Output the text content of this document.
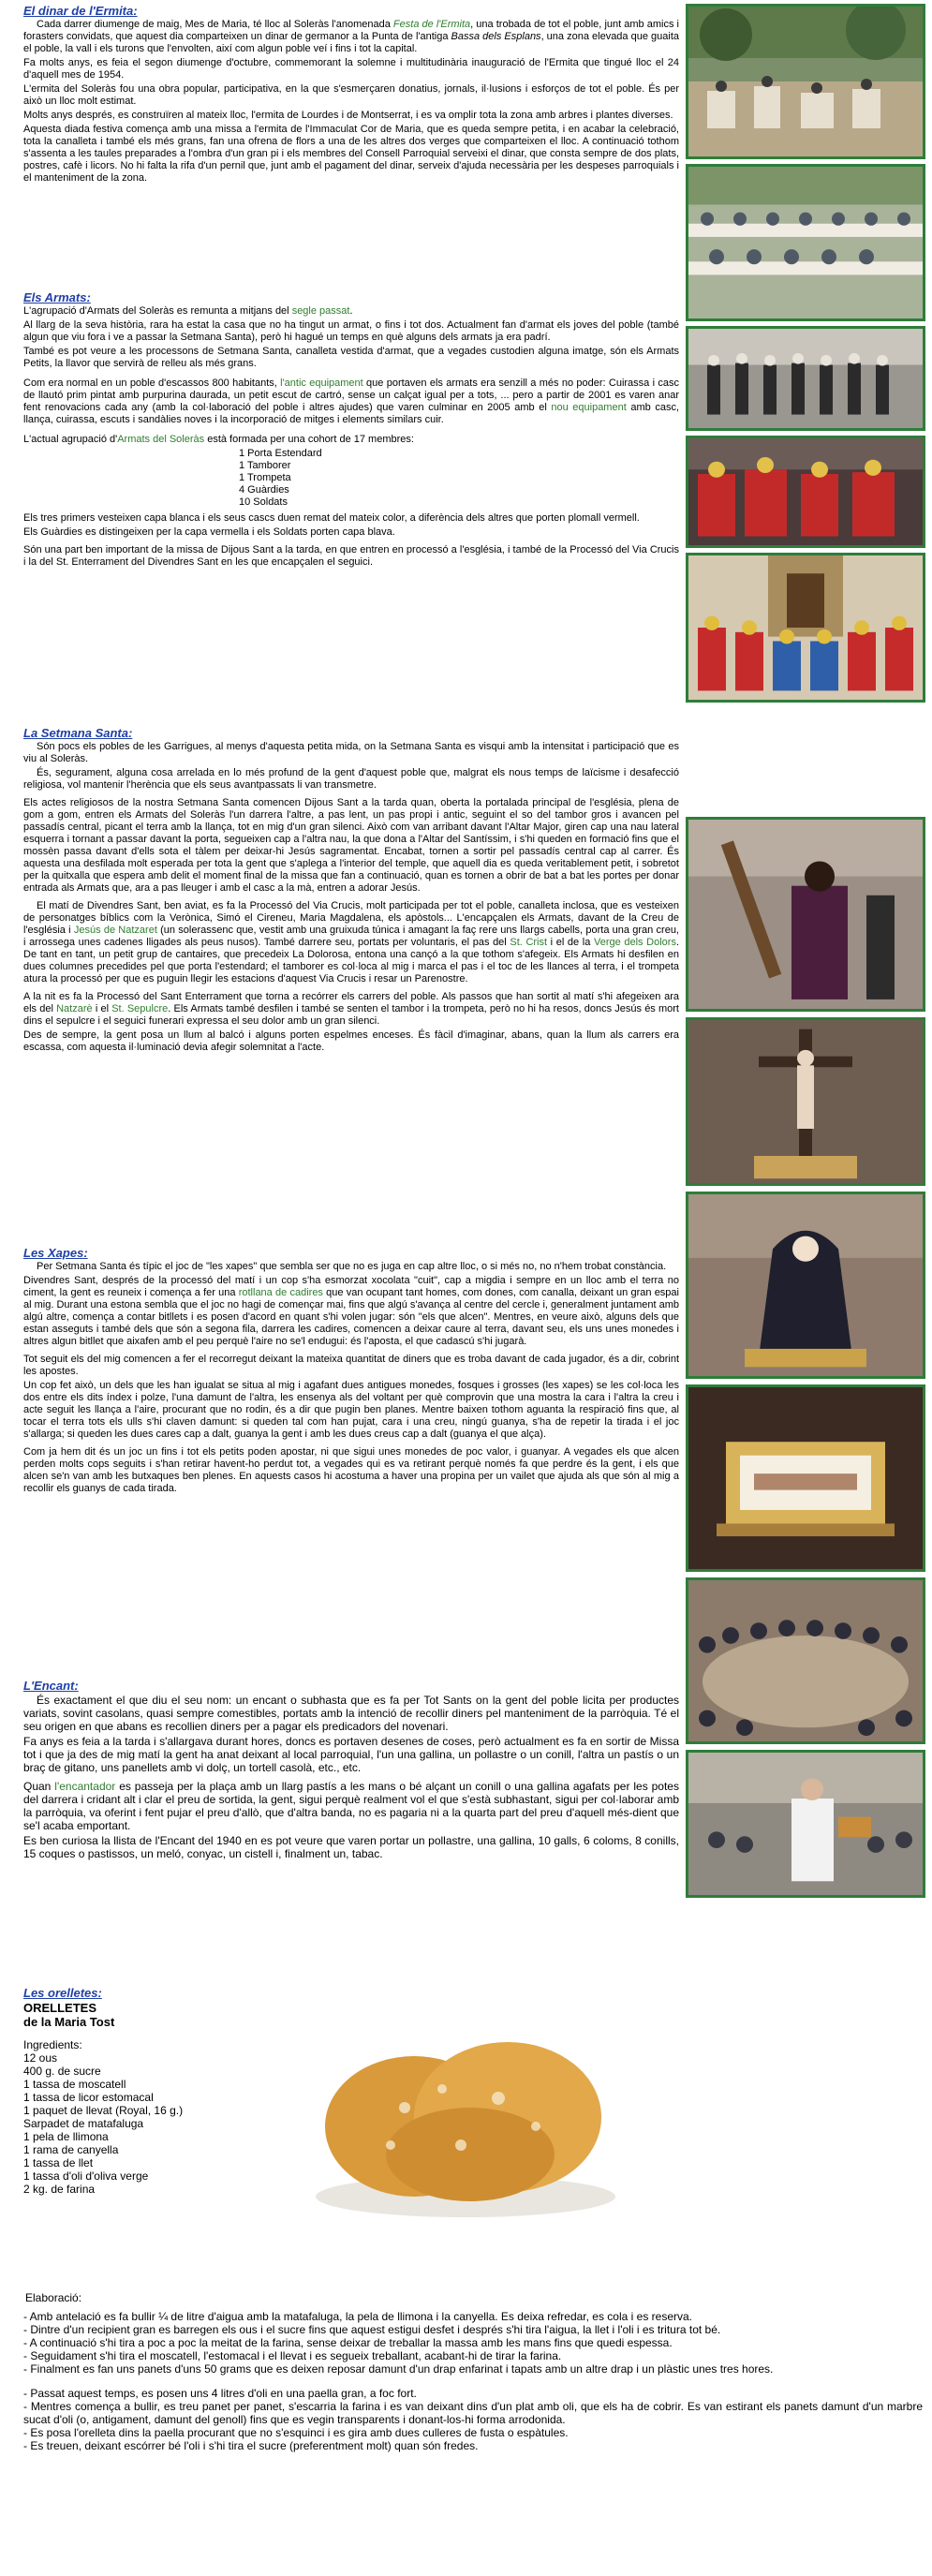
El dinar de l'Ermita:

Cada darrer diumenge de maig, Mes de Maria, té lloc al Soleràs l'anomenada Festa de l'Ermita, una trobada de tot el poble, junt amb amics i forasters convidats, que aquest dia comparteixen un dinar de germanor a la Punta de l'antiga Bassa dels Esplans, una zona elevada que guaita el poble, la vall i els turons que l'envolten, així com algun poble veí i fins i tot la capital.

Fa molts anys, es feia el segon diumenge d'octubre, commemorant la solemne i multitudinària inauguració de l'Ermita que tingué lloc el 24 d'aquell mes de 1954.

L'ermita del Soleràs fou una obra popular, participativa, en la que s'esmerçaren donatius, jornals, il·lusions i esforços de tot el poble. És per això un lloc molt estimat.

Molts anys després, es construïren al mateix lloc, l'ermita de Lourdes i de Montserrat, i es va omplir tota la zona amb arbres i plantes diverses.

Aquesta diada festiva comença amb una missa a l'ermita de l'Immaculat Cor de Maria, que es queda sempre petita, i en acabar la celebració, tota la canalleta i també els més grans, fan una ofrena de flors a una de les altres dos verges que comparteixen el lloc. A continuació tothom s'assenta a les taules preparades a l'ombra d'un gran pi i els membres del Consell Parroquial serveixi el dinar, que consta sempre de dos plats, postres, cafè i licors. No hi falta la rifa d'un pernil que, junt amb el pagament del dinar, serveix d'ajuda necessària per les despeses parroquials i el manteniment de la zona.

Els Armats:

L'agrupació d'Armats del Soleràs es remunta a mitjans del segle passat.

Al llarg de la seva història, rara ha estat la casa que no ha tingut un armat, o fins i tot dos. Actualment fan d'armat els joves del poble (també algun que viu fora i ve a passar la Setmana Santa), però hi hagué un temps en què alguns dels armats ja era padrí.

També es pot veure a les processons de Setmana Santa, canalleta vestida d'armat, que a vegades custodien alguna imatge, són els Armats Petits, la llavor que servirà de relleu als més grans.

Com era normal en un poble d'escassos 800 habitants, l'antic equipament que portaven els armats era senzill a més no poder: Cuirassa i casc de llautó prim pintat amb purpurina daurada, un petit escut de cartró, sense un calçat igual per a tots, ... pero a partir de 2001 es varen anar fent renovacions cada any (amb la col·laboració del poble i altres ajudes) que varen culminar en 2005 amb el nou equipament amb casc, llança, cuirassa, escuts i sandàlies noves i la incorporació de mitges i elements similars cuir.

L'actual agrupació d'Armats del Soleràs està formada per una cohort de 17 membres:

1 Porta Estendard
1 Tamborer
1 Trompeta
4 Guàrdies
10 Soldats

Els tres primers vesteixen capa blanca i els seus cascs duen remat del mateix color, a diferència dels altres que porten plomall vermell.

Els Guàrdies es distingeixen per la capa vermella i els Soldats porten capa blava.

Són una part ben important de la missa de Dijous Sant a la tarda, en que entren en processó a l'església, i també de la Processó del Via Crucis i la del St. Enterrament del Divendres Sant en les que encapçalen el seguici.

La Setmana Santa:

Són pocs els pobles de les Garrigues, al menys d'aquesta petita mida, on la Setmana Santa es visqui amb la intensitat i participació que es viu al Soleràs.

És, segurament, alguna cosa arrelada en lo més profund de la gent d'aquest poble que, malgrat els nous temps de laïcisme i desafecció religiosa, vol mantenir l'herència que els seus avantpassats li van transmetre.

Els actes religiosos de la nostra Setmana Santa comencen Dijous Sant a la tarda quan, oberta la portalada principal de l'església, plena de gom a gom, entren els Armats del Soleràs l'un darrera l'altre, a pas lent, un pas propi i antic, seguint el so del tambor gros i avancen pel passadís central, picant el terra amb la llança, tot en mig d'un gran silenci. Això com van arribant davant l'Altar Major, giren cap una nau lateral esquerra i tornant a passar davant la porta, segueixen cap a l'altra nau, la que dona a l'Altar del Santíssim, i s'hi queden en formació fins que el mossèn passa davant d'ells sota el tàlem per deixar-hi Jesús sagramentat. Encabat, tornen a sortir pel passadís central cap al carrer. És aquesta una desfilada molt esperada per tota la gent que s'aplega a l'interior del temple, que aquell dia es queda veritablement petit, i sobretot per la quitxalla que espera amb delit el moment final de la missa que fan a continuació, quan es tornen a obrir de bat a bat les portes per donar entrada als Armats que, ara a pas lleuger i amb el casc a la mà, entren a adorar Jesús.

El matí de Divendres Sant, ben aviat, es fa la Processó del Via Crucis, molt participada per tot el poble, canalleta inclosa, que es vesteixen de personatges bíblics com la Verònica, Simó el Cireneu, Maria Magdalena, els apòstols... L'encapçalen els Armats, davant de la Creu de l'església i Jesús de Natzaret (un solerassenc que, vestit amb una gruixuda túnica i amagant la faç rere uns llargs cabells, porta una gran creu, i arrossega unes cadenes lligades als peus nusos). També darrere seu, portats per voluntaris, el pas del St. Crist i el de la Verge dels Dolors. De tant en tant, un petit grup de cantaires, que precedeix La Dolorosa, entona una cançó a la que tothom s'afegeix. Els Armats hi desfilen en dues columnes precedides pel que porta l'estendard; el tamborer es col·loca al mig i marca el pas i el toc de les llances al terra, i el trompeta atura la processó per que es puguin llegir les estacions d'aquest Via Crucis i resar un Parenostre.

A la nit es fa la Processó del Sant Enterrament que torna a recórrer els carrers del poble. Als passos que han sortit al matí s'hi afegeixen ara els del Natzarè i el St. Sepulcre. Els Armats també desfilen i també se senten el tambor i la trompeta, però no hi ha resos, doncs Jesús és mort dins el sepulcre i el seguici funerari expressa el seu dolor amb un gran silenci.

Des de sempre, la gent posa un llum al balcó i alguns porten espelmes enceses. És fàcil d'imaginar, abans, quan la llum als carrers era escassa, com aquesta il·luminació devia afegir solemnitat a l'acte.

Les Xapes:

Per Setmana Santa és típic el joc de "les xapes" que sembla ser que no es juga en cap altre lloc, o si més no, no n'hem trobat constància.

Divendres Sant, després de la processó del matí i un cop s'ha esmorzat xocolata "cuit", cap a migdia i sempre en un lloc amb el terra no ciment, la gent es reuneix i comença a fer una rotllana de cadires que van ocupant tant homes, com dones, com canalla, deixant un gran espai al mig. Durant una estona sembla que el joc no hagi de començar mai, fins que algú s'avança al centre del cercle i, generalment juntament amb algú altre, comença a contar bitllets i es posen d'acord en quant s'hi volen jugar: són "els que alcen". Mentres, en veure això, alguns dels que estan asseguts i també dels que són a segona fila, darrera les cadires, comencen a deixar caure al terra, davant seu, els uns unes monedes i altres algun bitllet que aixafen amb el peu perquè l'aire no se'l endugui: és l'aposta, el que cadascú s'hi jugarà.

Tot seguit els del mig comencen a fer el recorregut deixant la mateixa quantitat de diners que es troba davant de cada jugador, és a dir, cobrint les apostes.

Un cop fet això, un dels que les han igualat se situa al mig i agafant dues antigues monedes, fosques i grosses (les xapes) se les col·loca les dos entre els dits índex i polze, l'una damunt de l'altra, les ensenya als del voltant per què comprovin que una mostra la cara i l'altra la creu i acte seguit les llança a l'aire, procurant que no rodin, és a dir que pugin ben planes. Mentre baixen tothom aguanta la respiració fins que, al tocar el terra tots els ulls s'hi claven damunt: si queden tal com han pujat, cara i una creu, ningú guanya, s'ha de repetir la tirada i el joc s'allarga; si queden les dues cares cap a dalt, guanya la gent i amb les dues creus cap a dalt (guanya el que alça).

Com ja hem dit és un joc un fins i tot els petits poden apostar, ni que sigui unes monedes de poc valor, i guanyar. A vegades els que alcen perden molts cops seguits i s'han retirar havent-ho perdut tot, a vegades qui es va retirant perquè només fa que perdre és la gent, i els que alcen se'n van amb les butxaques ben plenes. En aquests casos hi acostuma a haver una propina per un vailet que ajuda als que són al mig a recollir els guanys de cada tirada.

L'Encant:

És exactament el que diu el seu nom: un encant o subhasta que es fa per Tot Sants on la gent del poble licita per productes variats, sovint casolans, quasi sempre comestibles, portats amb la intenció de recollir diners pel manteniment de la parròquia. Té el seu origen en que abans es recollien diners per a pagar els predicadors del novenari.

Fa anys es feia a la tarda i s'allargava durant hores, doncs es portaven desenes de coses, però actualment es fa en sortir de Missa tot i que ja des de mig matí la gent ha anat deixant al local parroquial, l'un una gallina, un pollastre o un conill, l'altra un pastís o un braç de gitano, uns panellets amb vi dolç, un tortell casolà, etc., etc.

Quan l'encantador es passeja per la plaça amb un llarg pastís a les mans o bé alçant un conill o una gallina agafats per les potes del darrera i cridant alt i clar el preu de sortida, la gent, sigui perquè realment vol el que s'està subhastant, sigui per col·laborar amb la parròquia, va oferint i fent pujar el preu d'allò, que d'altra banda, no es pagaria ni a la quarta part del preu d'aquell més-dient que se'l acaba emportant.

Es ben curiosa la llista de l'Encant del 1940 en es pot veure que varen portar un pollastre, una gallina, 10 galls, 6 coloms, 8 conills, 15 coques o pastissos, un meló, conyac, un cistell i, finalment un, tabac.

Les orelletes:

ORELLETES

de la Maria Tost

Ingredients:
12 ous
400 g. de sucre
1 tassa de moscatell
1 tassa de licor estomacal
1 paquet de llevat (Royal, 16 g.)
Sarpadet de matafaluga
1 pela de llimona
1 rama de canyella
1 tassa de llet
1 tassa d'oli d'oliva verge
2 kg. de farina
Elaboració:
- Amb antelació es fa bullir ¼ de litre d'aigua amb la matafaluga, la pela de llimona i la canyella. Es deixa refredar, es cola i es reserva.
- Dintre d'un recipient gran es barregen els ous i el sucre fins que aquest estigui desfet i després s'hi tira l'aigua, la llet i l'oli i es tritura tot bé.
- A continuació s'hi tira a poc a poc la meitat de la farina, sense deixar de treballar la massa amb les mans fins que quedi espessa.
- Seguidament s'hi tira el moscatell, l'estomacal i el llevat i es segueix treballant, acabant-hi de tirar la farina.
- Finalment es fan uns panets d'uns 50 grams que es deixen reposar damunt d'un drap enfarinat i tapats amb un altre drap i un plàstic unes tres hores.
- Passat aquest temps, es posen uns 4 litres d'oli en una paella gran, a foc fort.
- Mentres comença a bullir, es treu panet per panet, s'escarria la farina i es van deixant dins d'un plat amb oli, que els ha de cobrir. Es van estirant els panets damunt d'un marbre sucat d'oli (o, antigament, damunt del genoll) fins que es vegin transparents i donant-los-hi forma arrodonida.
- Es posa l'orelleta dins la paella procurant que no s'esquinci i es gira amb dues culleres de fusta o espàtules.
- Es treuen, deixant escórrer bé l'oli i s'hi tira el sucre (preferentment molt) quan són fredes.
